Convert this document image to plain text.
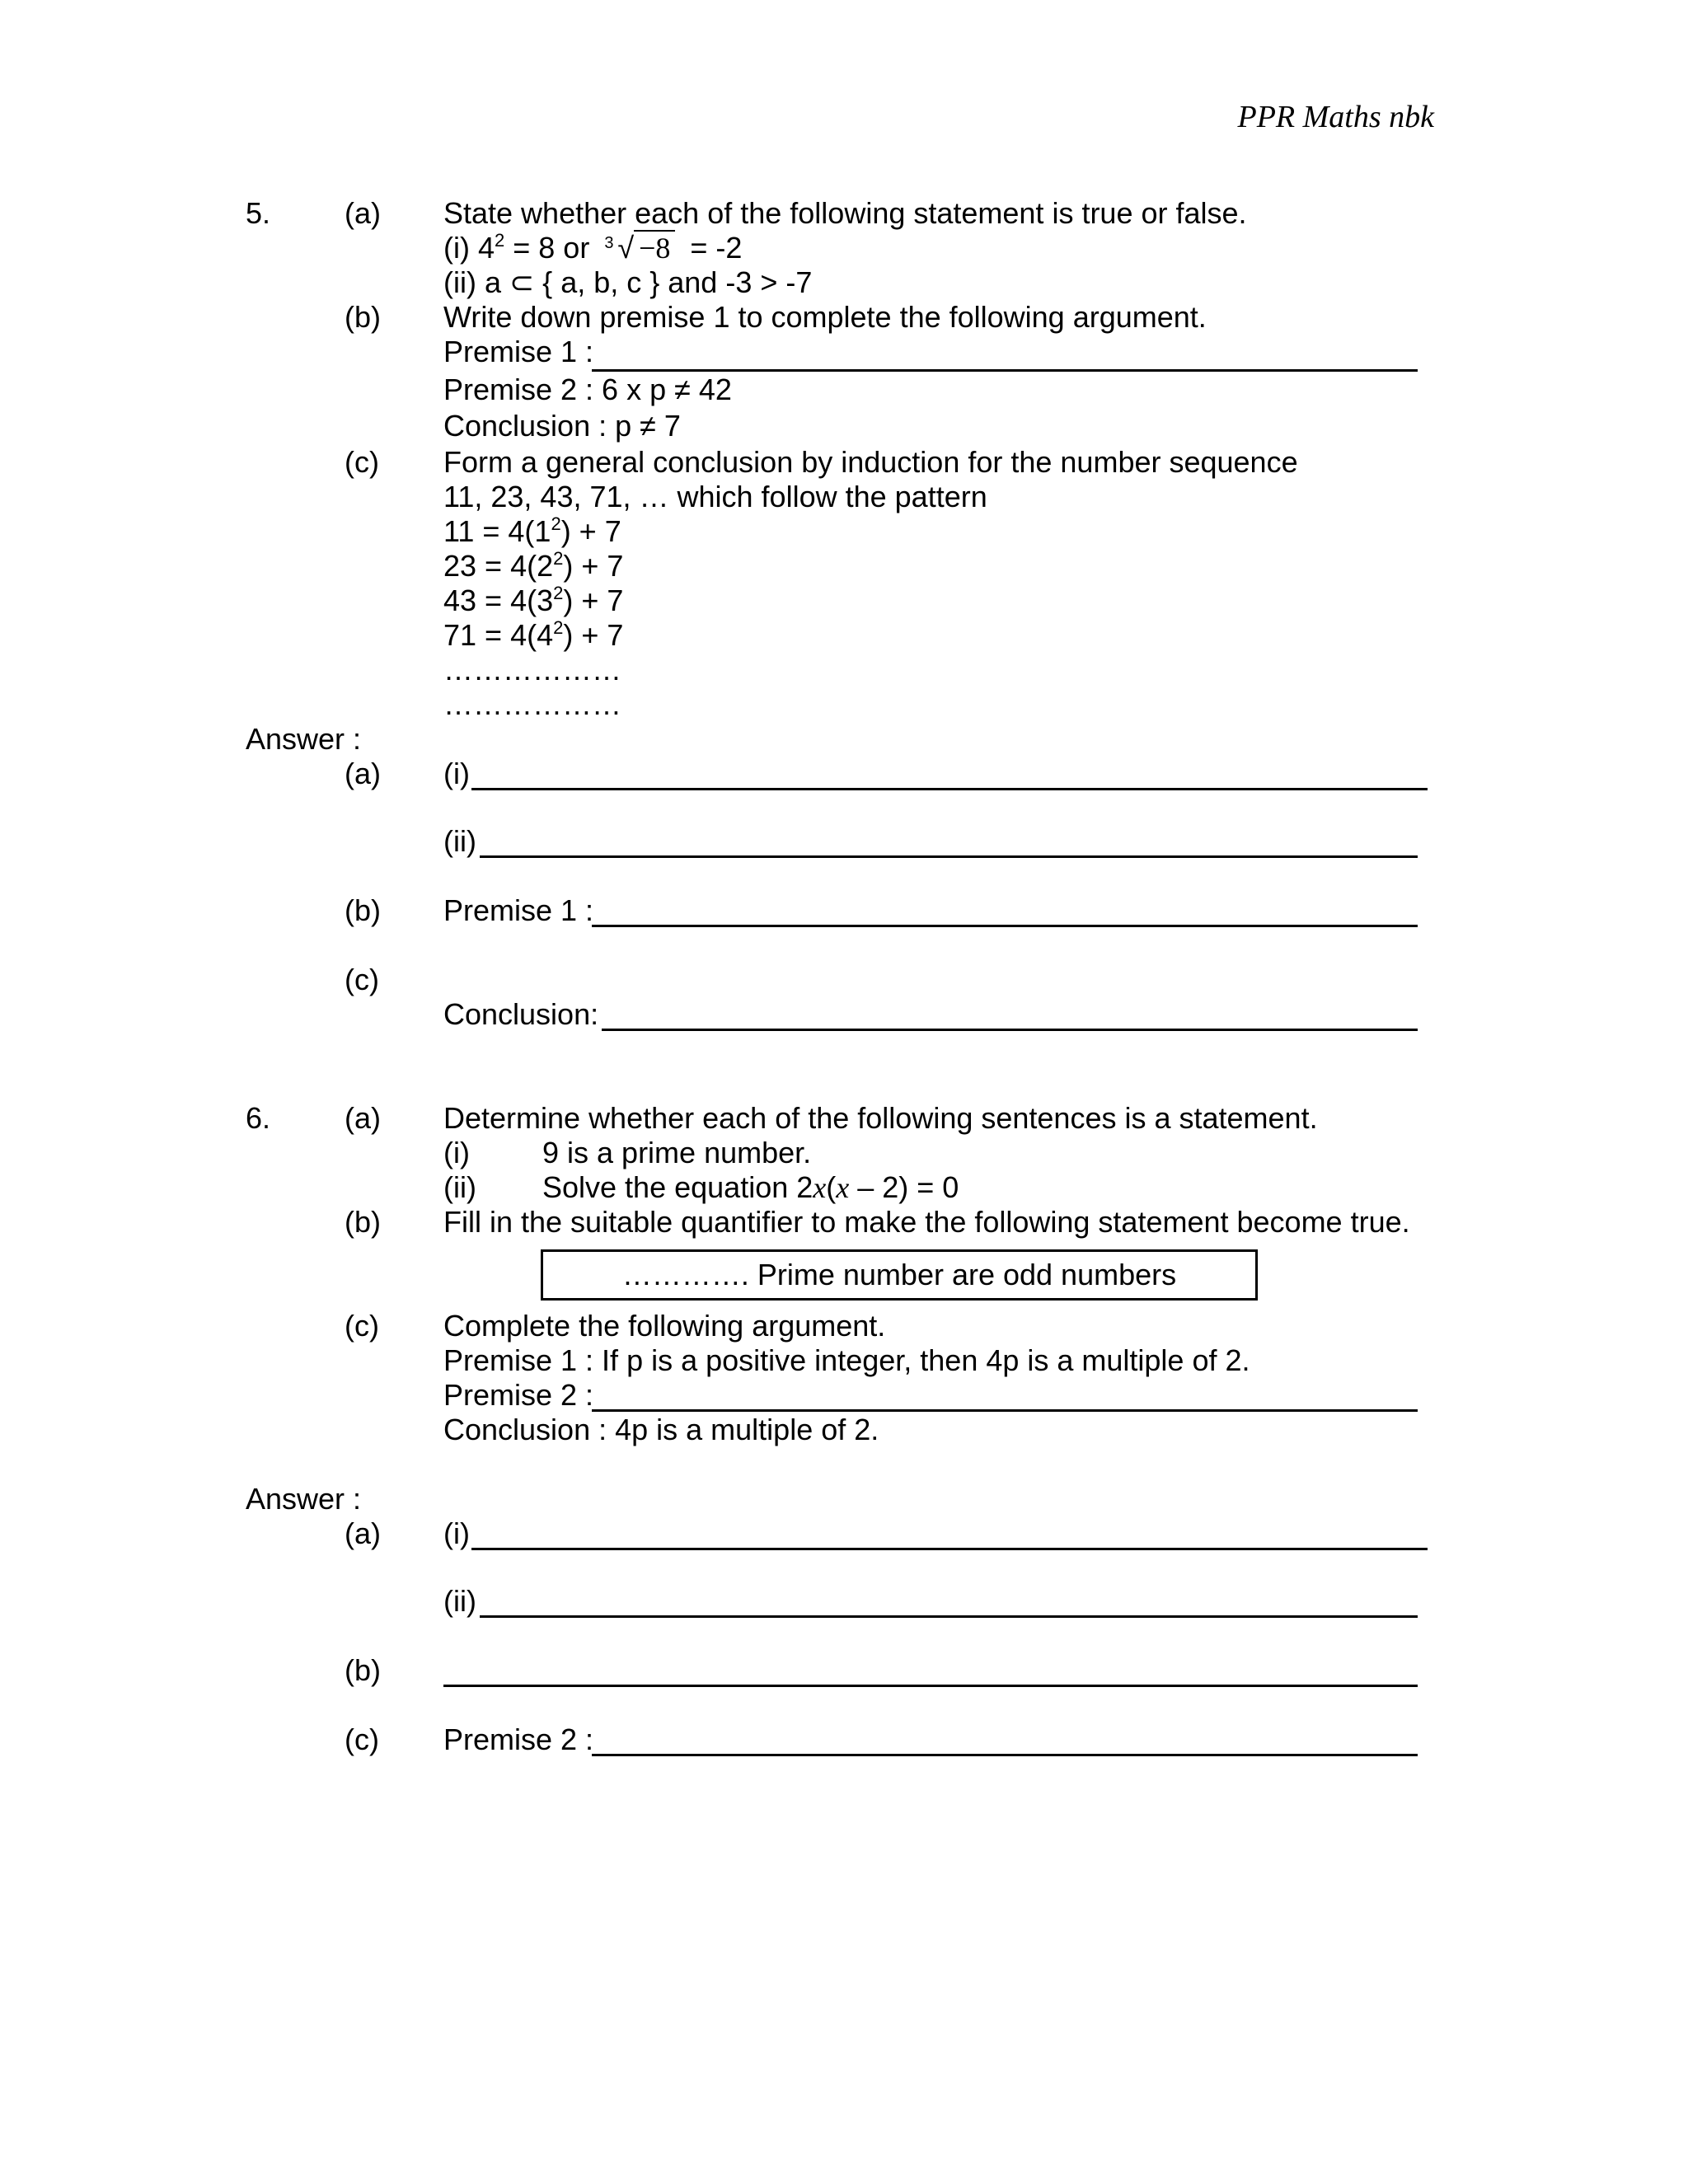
PPR Maths nbk
5. (a) State whether each of the following statement is true or false.
(i) $4^2 = 8$ or 3 √ −8 = -2
(ii) a ⊂ { a, b, c } and -3 > -7
(b) Write down premise 1 to complete the following argument.
Premise 1 :
Premise 2 : 6 x p ≠ 42
Conclusion : p ≠ 7
(c) Form a general conclusion by induction for the number sequence
11, 23, 43, 71, … which follow the pattern
$11 = 4(1^2) + 7$
$23 = 4(2^2) + 7$
$43 = 4(3^2) + 7$
$71 = 4(4^2) + 7$
………………
………………
Answer :
(a) (i)
(ii)
(b) Premise 1 :
(c)
Conclusion:
6. (a) Determine whether each of the following sentences is a statement.
(i) 9 is a prime number.
(ii) Solve the equation 2x(x – 2) = 0
(b) Fill in the suitable quantifier to make the following statement become true.
…………. Prime number are odd numbers
(c) Complete the following argument.
Premise 1 : If p is a positive integer, then 4p is a multiple of 2.
Premise 2 :
Conclusion : 4p is a multiple of 2.
Answer :
(a) (i)
(ii)
(b)
(c) Premise 2 :
